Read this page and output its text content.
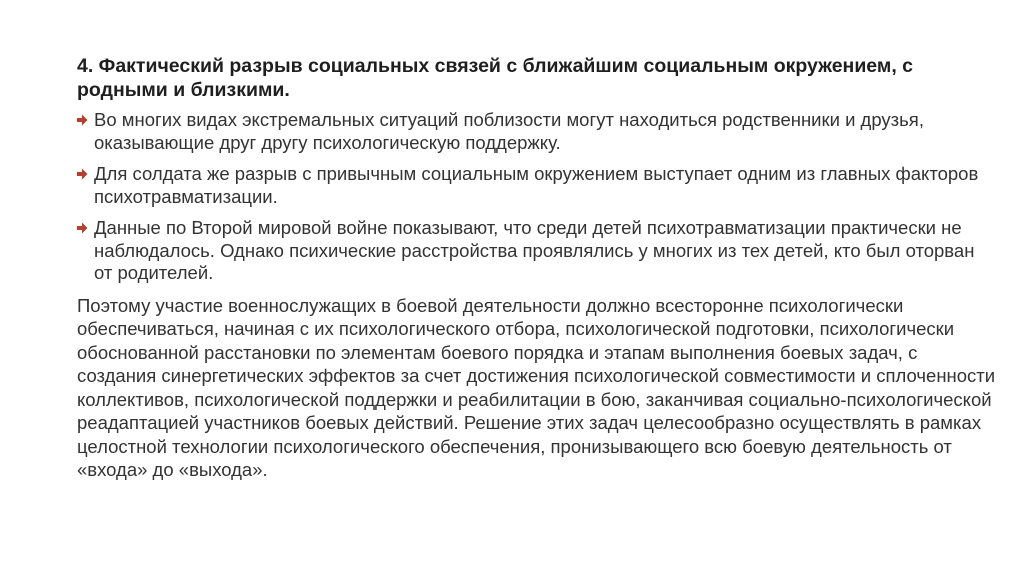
4. Фактический разрыв социальных связей с ближайшим социальным окружением, с родными и близкими.

Во многих видах экстремальных ситуаций поблизости могут находиться родственники и друзья, оказывающие друг другу психологическую поддержку.
Для солдата же разрыв с привычным социальным окружением выступает одним из главных факторов психотравматизации.
Данные по Второй мировой войне показывают, что среди детей психотравматизации практически не наблюдалось. Однако психические расстройства проявлялись у многих из тех детей, кто был оторван от родителей.

Поэтому участие военнослужащих в боевой деятельности должно всесторонне психологически обеспечиваться, начиная с их психологического отбора, психологической подготовки, психологически обоснованной расстановки по элементам боевого порядка и этапам выполнения боевых задач, с создания синергетических эффектов за счет достижения психологической совместимости и сплоченности коллективов, психологической поддержки и реабилитации в бою, заканчивая социально-психологической реадаптацией участников боевых действий. Решение этих задач целесообразно осуществлять в рамках целостной технологии психологического обеспечения, пронизывающего всю боевую деятельность от «входа» до «выхода».
